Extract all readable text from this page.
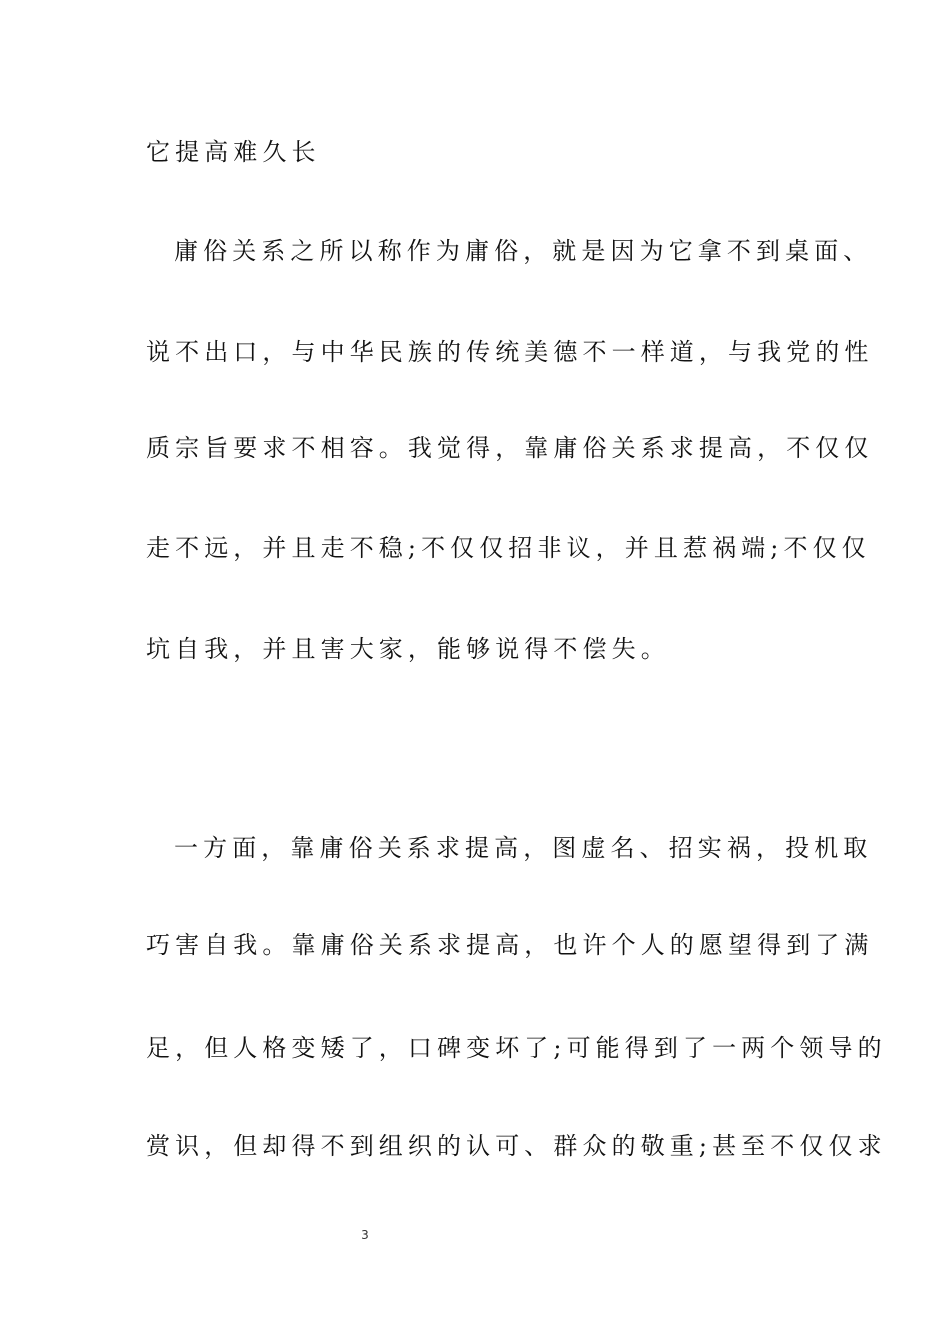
它提高难久长
庸俗关系之所以称作为庸俗，就是因为它拿不到桌面、
说不出口，与中华民族的传统美德不一样道，与我党的性
质宗旨要求不相容。我觉得，靠庸俗关系求提高，不仅仅
走不远，并且走不稳;不仅仅招非议，并且惹祸端;不仅仅
坑自我，并且害大家，能够说得不偿失。
一方面，靠庸俗关系求提高，图虚名、招实祸，投机取
巧害自我。靠庸俗关系求提高，也许个人的愿望得到了满
足，但人格变矮了，口碑变坏了;可能得到了一两个领导的
赏识，但却得不到组织的认可、群众的敬重;甚至不仅仅求
3
